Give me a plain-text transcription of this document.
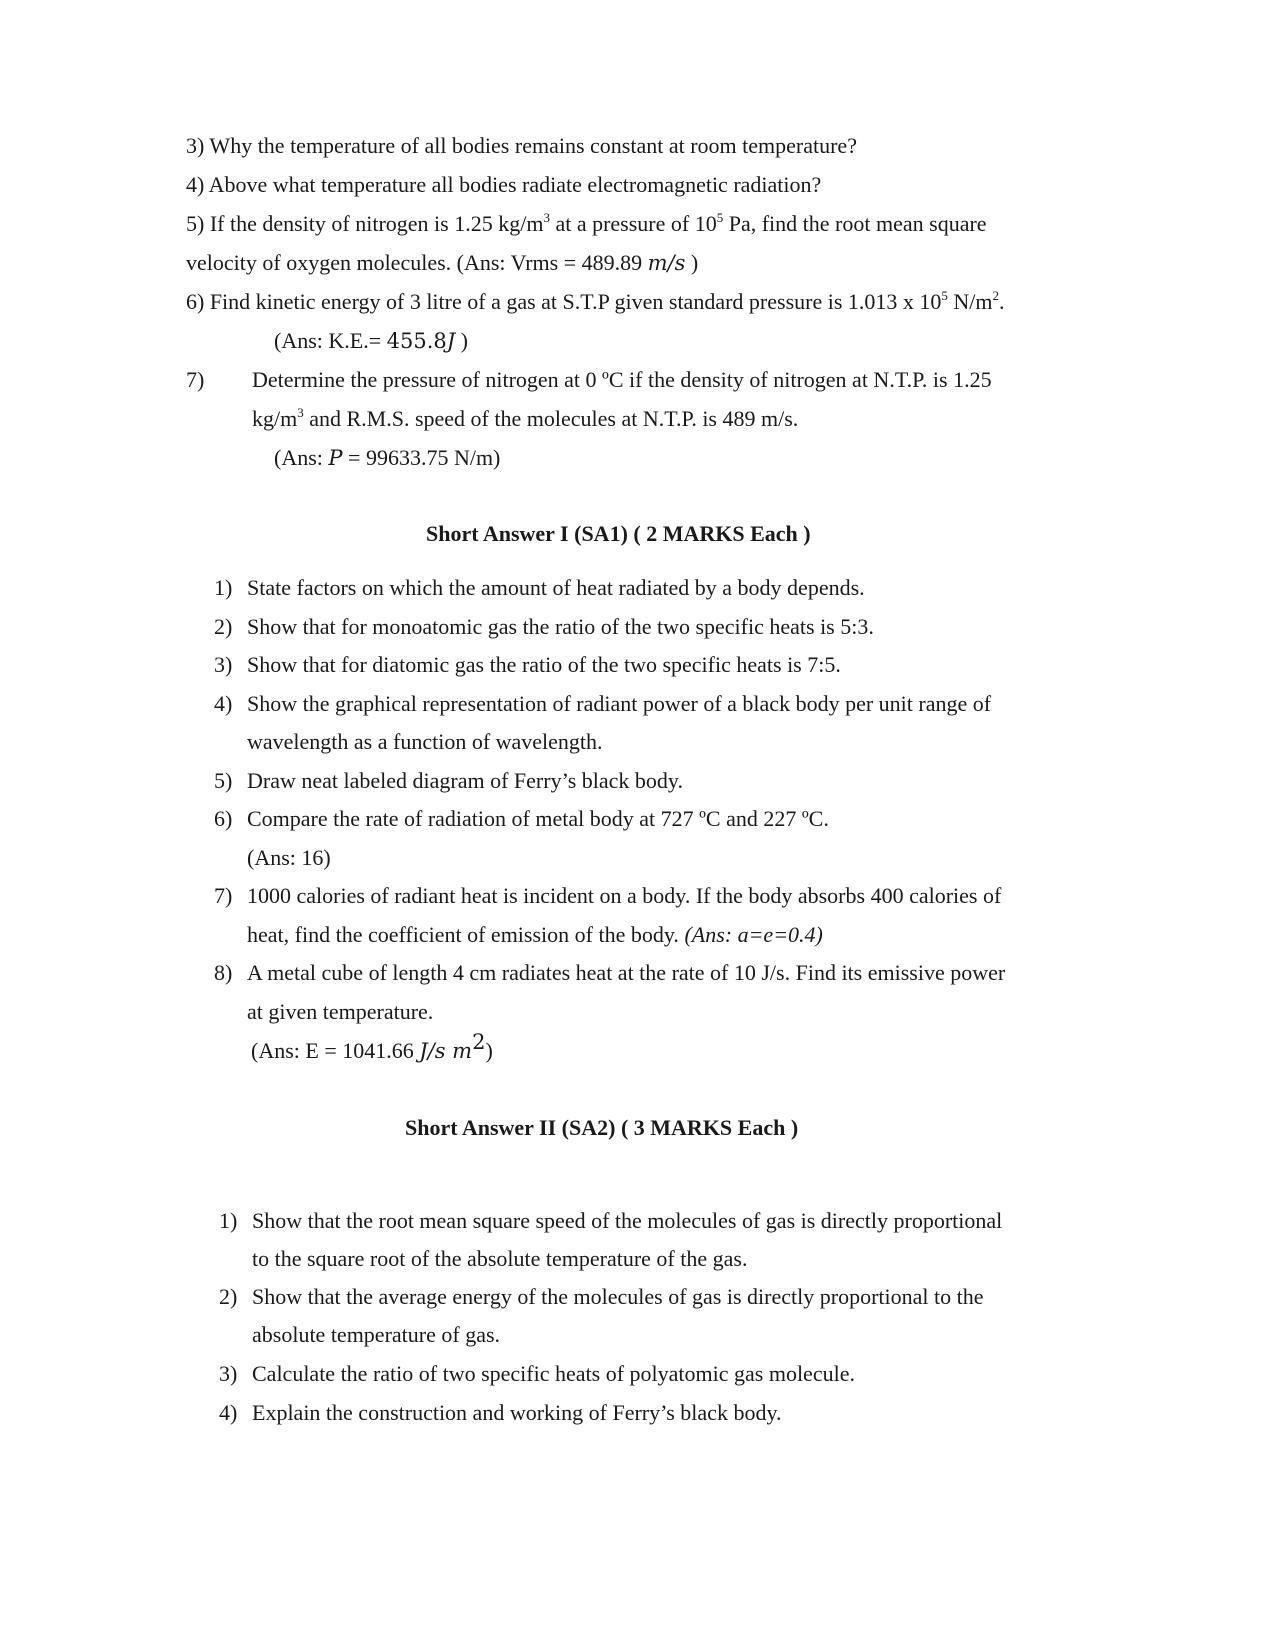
3) Why the temperature of all bodies remains constant at room temperature?
4) Above what temperature all bodies radiate electromagnetic radiation?
5) If the density of nitrogen is 1.25 $kg/m^3$ at a pressure of $10^5$ Pa, find the root mean square
velocity of oxygen molecules. (Ans: Vrms = 489.89 m/s )
6) Find kinetic energy of 3 litre of a gas at S.T.P given standard pressure is 1.013 x $10^5$ $N/m^2$.
(Ans: K.E.= 455.8J )
7) Determine the pressure of nitrogen at 0 ºC if the density of nitrogen at N.T.P. is 1.25
$kg/m^3$ and R.M.S. speed of the molecules at N.T.P. is 489 m/s.
(Ans: P = 99633.75 N/m)
Short Answer I (SA1) ( 2 MARKS Each )
1) State factors on which the amount of heat radiated by a body depends.
2) Show that for monoatomic gas the ratio of the two specific heats is 5:3.
3) Show that for diatomic gas the ratio of the two specific heats is 7:5.
4) Show the graphical representation of radiant power of a black body per unit range of
wavelength as a function of wavelength.
5) Draw neat labeled diagram of Ferry’s black body.
6) Compare the rate of radiation of metal body at 727 ºC and 227 ºC.
(Ans: 16)
7) 1000 calories of radiant heat is incident on a body. If the body absorbs 400 calories of
heat, find the coefficient of emission of the body. (Ans: a=e=0.4)
8) A metal cube of length 4 cm radiates heat at the rate of 10 J/s. Find its emissive power
at given temperature.
(Ans: E = 1041.66 J/s $m^2$)
Short Answer II (SA2) ( 3 MARKS Each )
1) Show that the root mean square speed of the molecules of gas is directly proportional
to the square root of the absolute temperature of the gas.
2) Show that the average energy of the molecules of gas is directly proportional to the
absolute temperature of gas.
3) Calculate the ratio of two specific heats of polyatomic gas molecule.
4) Explain the construction and working of Ferry’s black body.
